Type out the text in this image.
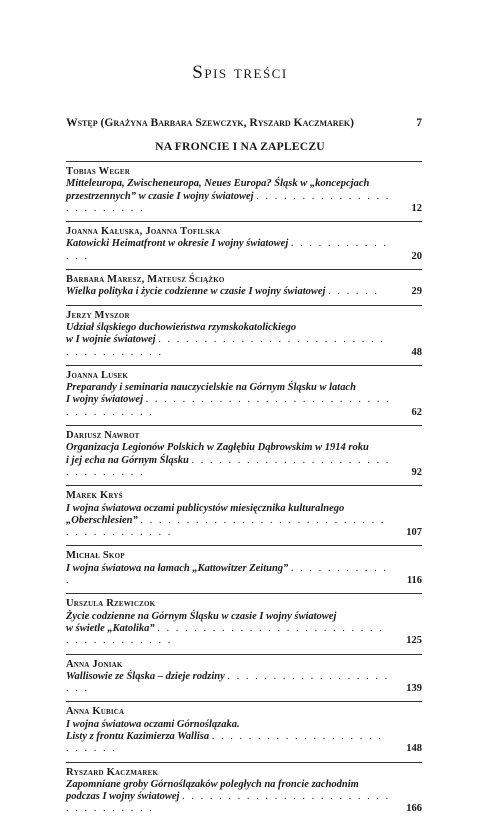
Spis treści
Wstęp (Grażyna Barbara Szewczyk, Ryszard Kaczmarek)	7
NA FRONCIE I NA ZAPLECZU
Tobias Weger
Mitteleuropa, Zwischeneuropa, Neues Europa? Śląsk w „koncepcjach
przestrzennych” w czasie I wojny światowej . . . . . . . . . . . . . . . . . . . . . . . .	12
Joanna Kałuska, Joanna Tofilska
Katowicki Heimatfront w okresie I wojny światowej . . . . . . . . . . . . . .	20
Barbara Maresz, Mateusz Ściążko
Wielka polityka i życie codzienne w czasie I wojny światowej . . . . . .	29
Jerzy Myszor
Udział śląskiego duchowieństwa rzymskokatolickiego
w I wojnie światowej . . . . . . . . . . . . . . . . . . . . . . . . . . . . . . . . . . . .	48
Joanna Lusek
Preparandy i seminaria nauczycielskie na Górnym Śląsku w latach
I wojny światowej . . . . . . . . . . . . . . . . . . . . . . . . . . . . . . . . . . . . .	62
Dariusz Nawrot
Organizacja Legionów Polskich w Zagłębiu Dąbrowskim w 1914 roku
i jej echa na Górnym Śląsku . . . . . . . . . . . . . . . . . . . . . . . . . . . . . . .	92
Marek Kryś
I wojna światowa oczami publicystów miesięcznika kulturalnego
„Oberschlesien” . . . . . . . . . . . . . . . . . . . . . . . . . . . . . . . . . . . . . . .	107
Michał Skop
I wojna światowa na łamach „Kattowitzer Zeitung” . . . . . . . . . . . .	116
Urszula Rzewiczok
Życie codzienne na Górnym Śląsku w czasie I wojny światowej
w świetle „Katolika” . . . . . . . . . . . . . . . . . . . . . . . . . . . . . . . . . . . . .	125
Anna Joniak
Wallisowie ze Śląska – dzieje rodziny . . . . . . . . . . . . . . . . . . . . .	139
Anna Kubica
I wojna światowa oczami Górnoślązaka.
Listy z frontu Kazimierza Wallisa . . . . . . . . . . . . . . . . . . . . . . . . .	148
Ryszard Kaczmarek
Zapomniane groby Górnoślązaków poległych na froncie zachodnim
podczas I wojny światowej . . . . . . . . . . . . . . . . . . . . . . . . . . . . . . . . .	166
